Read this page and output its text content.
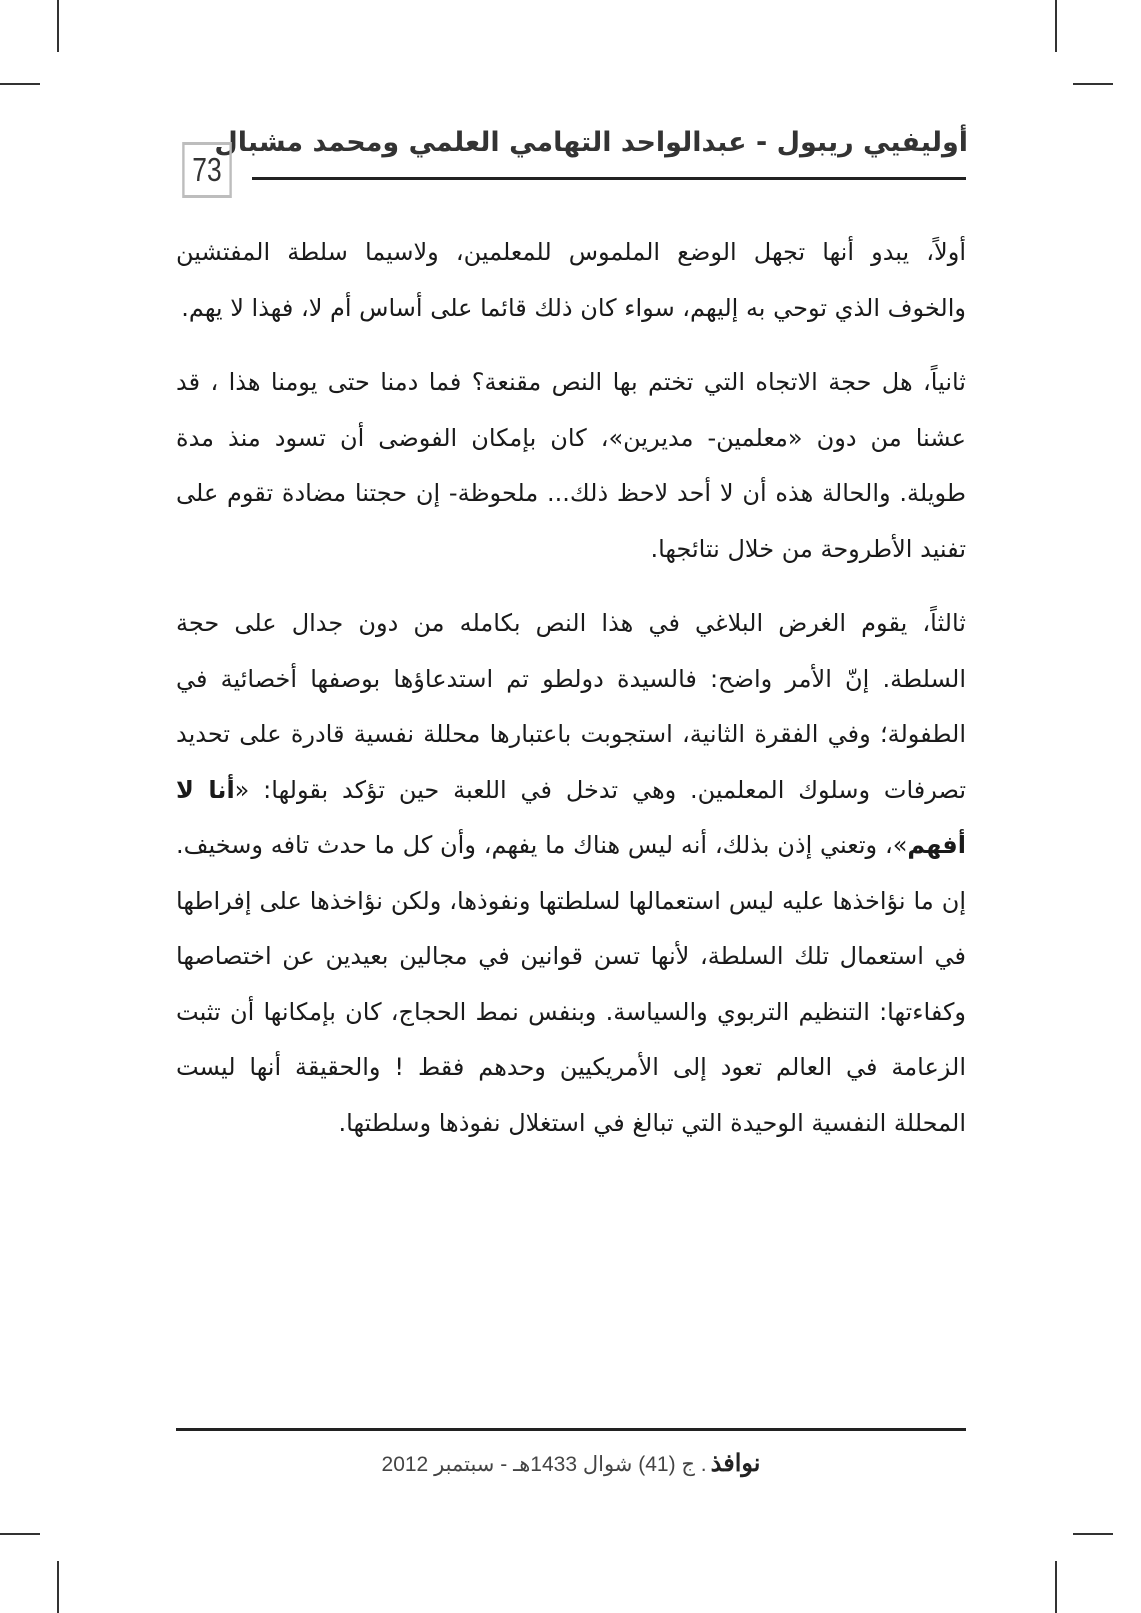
أوليفيي ريبول - عبدالواحد التهامي العلمي ومحمد مشبال
73

أولاً، يبدو أنها تجهل الوضع الملموس للمعلمين، ولاسيما سلطة المفتشين والخوف الذي توحي به إليهم، سواء كان ذلك قائما على أساس أم لا، فهذا لا يهم.

ثانياً، هل حجة الاتجاه التي تختم بها النص مقنعة؟ فما دمنا حتى يومنا هذا ، قد عشنا من دون «معلمين- مديرين»، كان بإمكان الفوضى أن تسود منذ مدة طويلة. والحالة هذه أن لا أحد لاحظ ذلك... ملحوظة- إن حجتنا مضادة تقوم على تفنيد الأطروحة من خلال نتائجها.

ثالثاً، يقوم الغرض البلاغي في هذا النص بكامله من دون جدال على حجة السلطة. إنّ الأمر واضح: فالسيدة دولطو تم استدعاؤها بوصفها أخصائية في الطفولة؛ وفي الفقرة الثانية، استجوبت باعتبارها محللة نفسية قادرة على تحديد تصرفات وسلوك المعلمين. وهي تدخل في اللعبة حين تؤكد بقولها: «أنا لا أفهم»، وتعني إذن بذلك، أنه ليس هناك ما يفهم، وأن كل ما حدث تافه وسخيف. إن ما نؤاخذها عليه ليس استعمالها لسلطتها ونفوذها، ولكن نؤاخذها على إفراطها في استعمال تلك السلطة، لأنها تسن قوانين في مجالين بعيدين عن اختصاصها وكفاءتها: التنظيم التربوي والسياسة. وبنفس نمط الحجاج، كان بإمكانها أن تثبت الزعامة في العالم تعود إلى الأمريكيين وحدهم فقط ! والحقيقة أنها ليست المحللة النفسية الوحيدة التي تبالغ في استغلال نفوذها وسلطتها.

نوافذ . ج (41) شوال 1433هـ - سبتمبر 2012
